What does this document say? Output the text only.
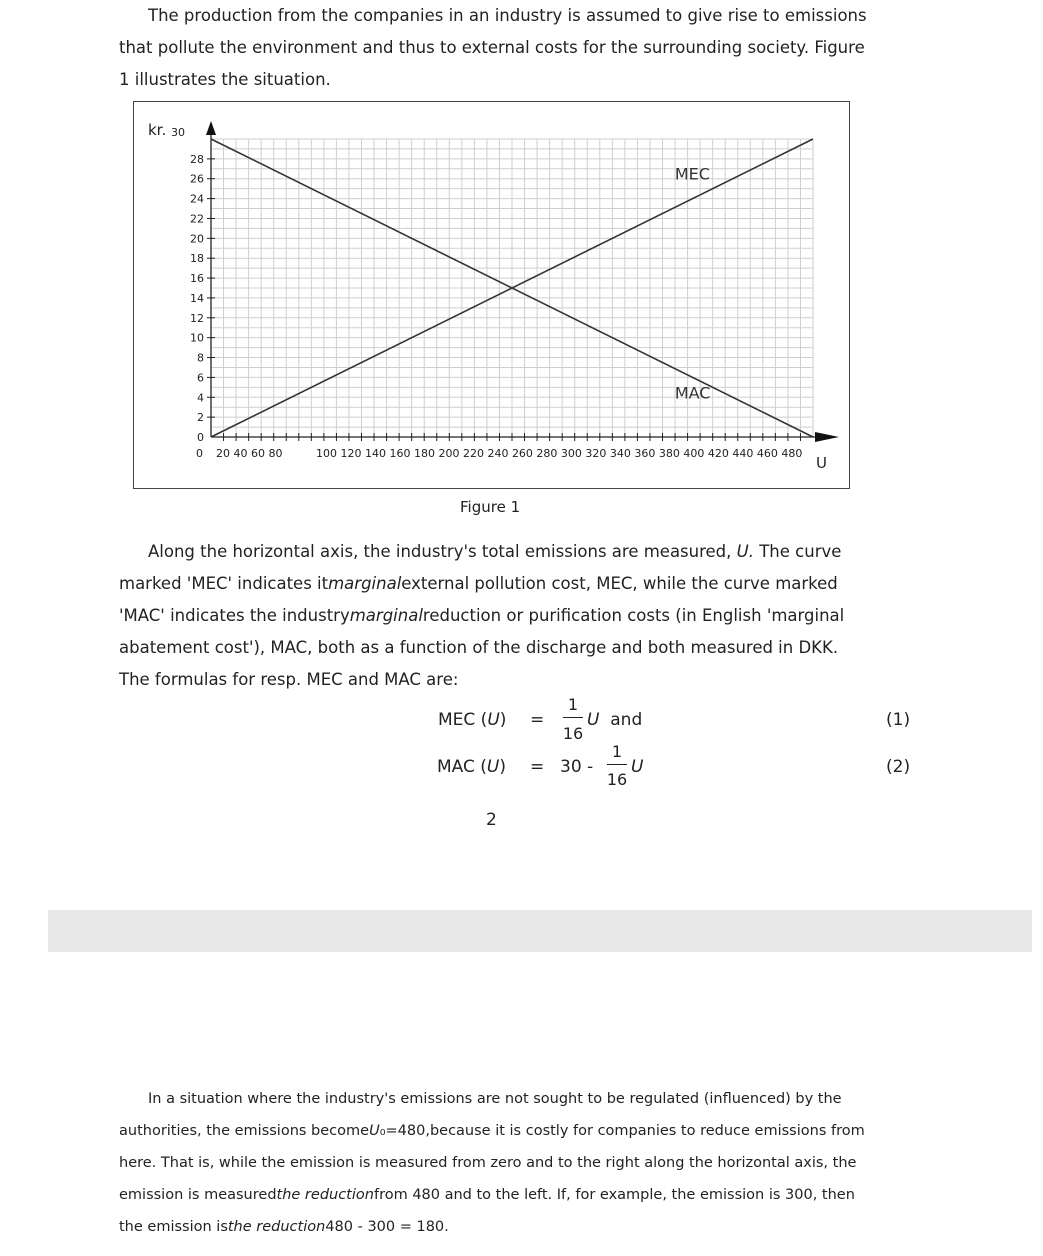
The production from the companies in an industry is assumed to give rise to emissions that pollute the environment and thus to external costs for the surrounding society. Figure 1 illustrates the situation.

0
2
4
6
8
10
12
14
16
18
20
22
24
26
28
kr. 30
0 20 40 60 80	100 120 140 160 180 200 220 240 260 280 300 320 340 360 380 400 420 440 460 480
U
MEC
MAC
Figure 1

Along the horizontal axis, the industry's total emissions are measured, U. The curve marked 'MEC' indicates itmarginalexternal pollution cost, MEC, while the curve marked 'MAC' indicates the industrymarginalreduction or purification costs (in English 'marginal abatement cost'), MAC, both as a function of the discharge and both measured in DKK. The formulas for resp. MEC and MAC are:

MEC (U) =
1
16
U and	(1)
MAC (U) = 30 -
1
16
U	(2)
2

In a situation where the industry's emissions are not sought to be regulated (influenced) by the authorities, the emissions becomeU₀=480,because it is costly for companies to reduce emissions from here. That is, while the emission is measured from zero and to the right along the horizontal axis, the emission is measuredthe reductionfrom 480 and to the left. If, for example, the emission is 300, then the emission isthe reduction480 - 300 = 180.
